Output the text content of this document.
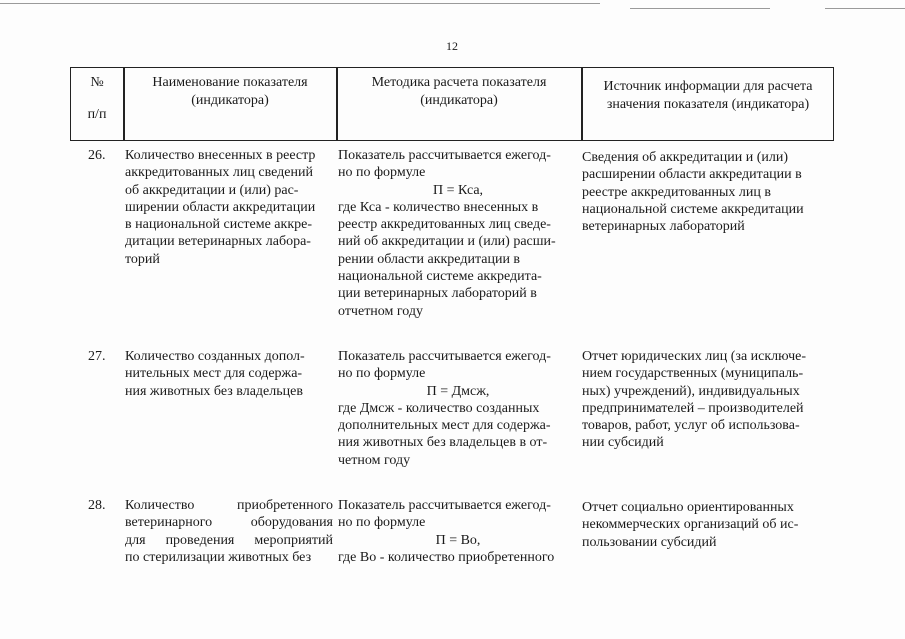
12
№
п/п
Наименование показателя
(индикатора)
Методика расчета показателя
(индикатора)
Источник информации для расчета
значения показателя (индикатора)
26. Количество внесенных в реестр
аккредитованных лиц сведений
об аккредитации и (или) рас-
ширении области аккредитации
в национальной системе аккре-
дитации ветеринарных лабора-
торий
Показатель рассчитывается ежегод-
но по формуле
П = Кса,
где Кса - количество внесенных в
реестр аккредитованных лиц сведе-
ний об аккредитации и (или) расши-
рении области аккредитации в
национальной системе аккредита-
ции ветеринарных лабораторий в
отчетном году
Сведения об аккредитации и (или)
расширении области аккредитации в
реестре аккредитованных лиц в
национальной системе аккредитации
ветеринарных лабораторий
27. Количество созданных допол-
нительных мест для содержа-
ния животных без владельцев
Показатель рассчитывается ежегод-
но по формуле
П = Дмсж,
где Дмсж - количество созданных
дополнительных мест для содержа-
ния животных без владельцев в от-
четном году
Отчет юридических лиц (за исключе-
нием государственных (муниципаль-
ных) учреждений), индивидуальных
предпринимателей – производителей
товаров, работ, услуг об использова-
нии субсидий
28. Количество приобретенного
ветеринарного оборудования
для проведения мероприятий
по стерилизации животных без
Показатель рассчитывается ежегод-
но по формуле
П = Во,
где Во - количество приобретенного
Отчет социально ориентированных
некоммерческих организаций об ис-
пользовании субсидий
